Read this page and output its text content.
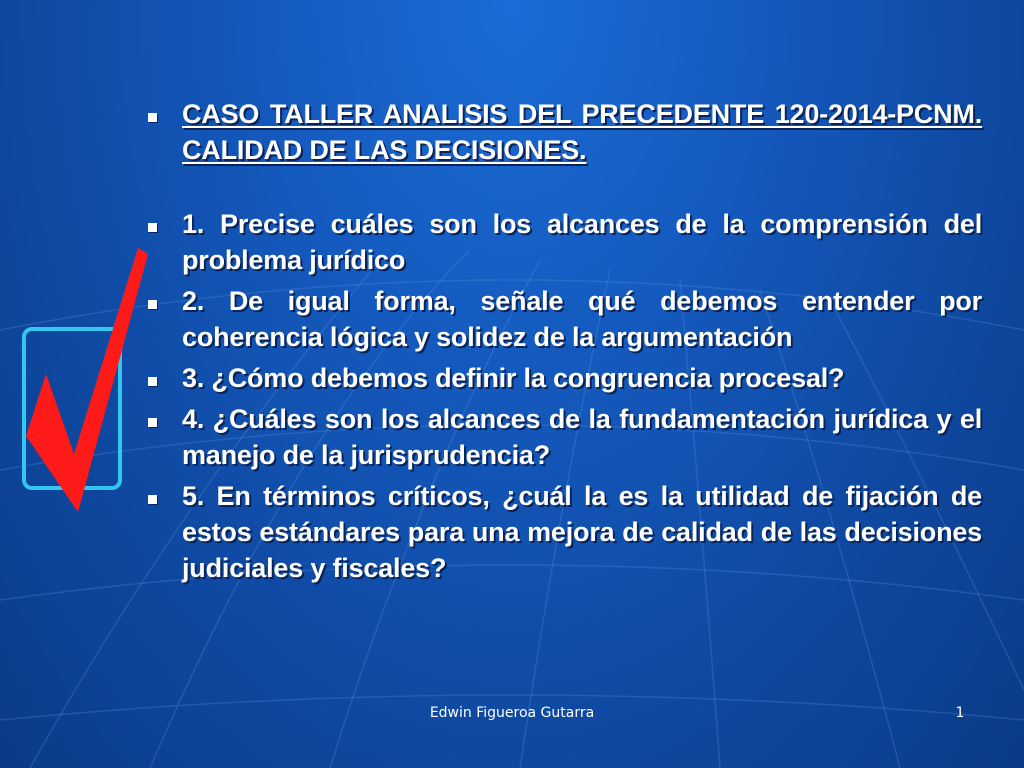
CASO TALLER ANALISIS DEL PRECEDENTE 120-2014-PCNM. CALIDAD DE LAS DECISIONES.
1. Precise cuáles son los alcances de la comprensión del problema jurídico
2. De igual forma, señale qué debemos entender por coherencia lógica y solidez de la argumentación
3. ¿Cómo debemos definir la congruencia procesal?
4. ¿Cuáles son los alcances de la fundamentación jurídica y el manejo de la jurisprudencia?
5. En términos críticos, ¿cuál la es la utilidad de fijación de estos estándares para una mejora de calidad de las decisiones judiciales y fiscales?
Edwin Figueroa Gutarra	1
